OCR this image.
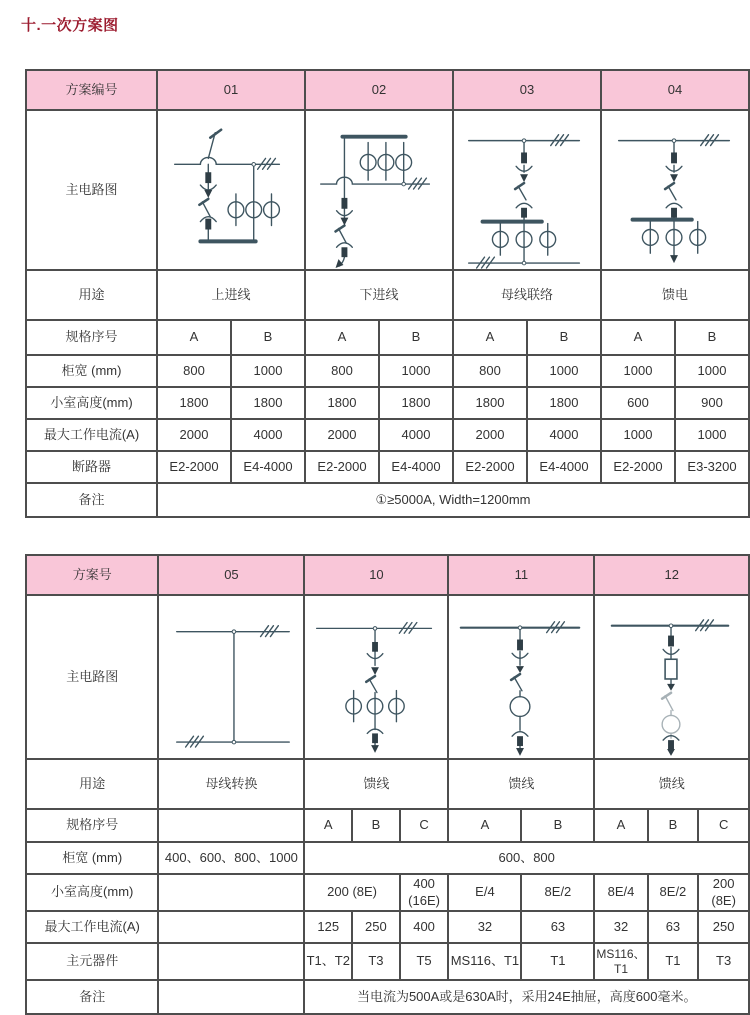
十.一次方案图
方案编号	01		02		03		04	
主电路图	

用途	上进线		下进线		母线联络		馈电	
规格序号	A	B	A	B	A	B	A	B
柜宽 (mm)	800	1000	800	1000	800	1000	1000	1000
小室高度(mm)	1800	1800	1800	1800	1800	1800	600	900
最大工作电流(A)	2000	4000	2000	4000	2000	4000	1000	1000
断路器	E2-2000	E4-4000	E2-2000	E4-4000	E2-2000	E4-4000	E2-2000	E3-3200
备注	①≥5000A, Width=1200mm							
方案号	05	10			11		12		
主电路图	

用途	母线转换	馈线			馈线		馈线		
规格序号		A	B	C	A	B	A	B	C
柜宽 (mm)	400、600、800、1000	600、800							
小室高度(mm)		200 (8E)		400 (16E)	E/4	8E/2	8E/4	8E/2	200 (8E)
最大工作电流(A)		125	250	400	32	63	32	63	250
主元器件		T1、T2	T3	T5	MS116、T1	T1	MS116、T1	T1	T3
备注		当电流为500A或是630A时，采用24E抽屉，高度600毫米。							
